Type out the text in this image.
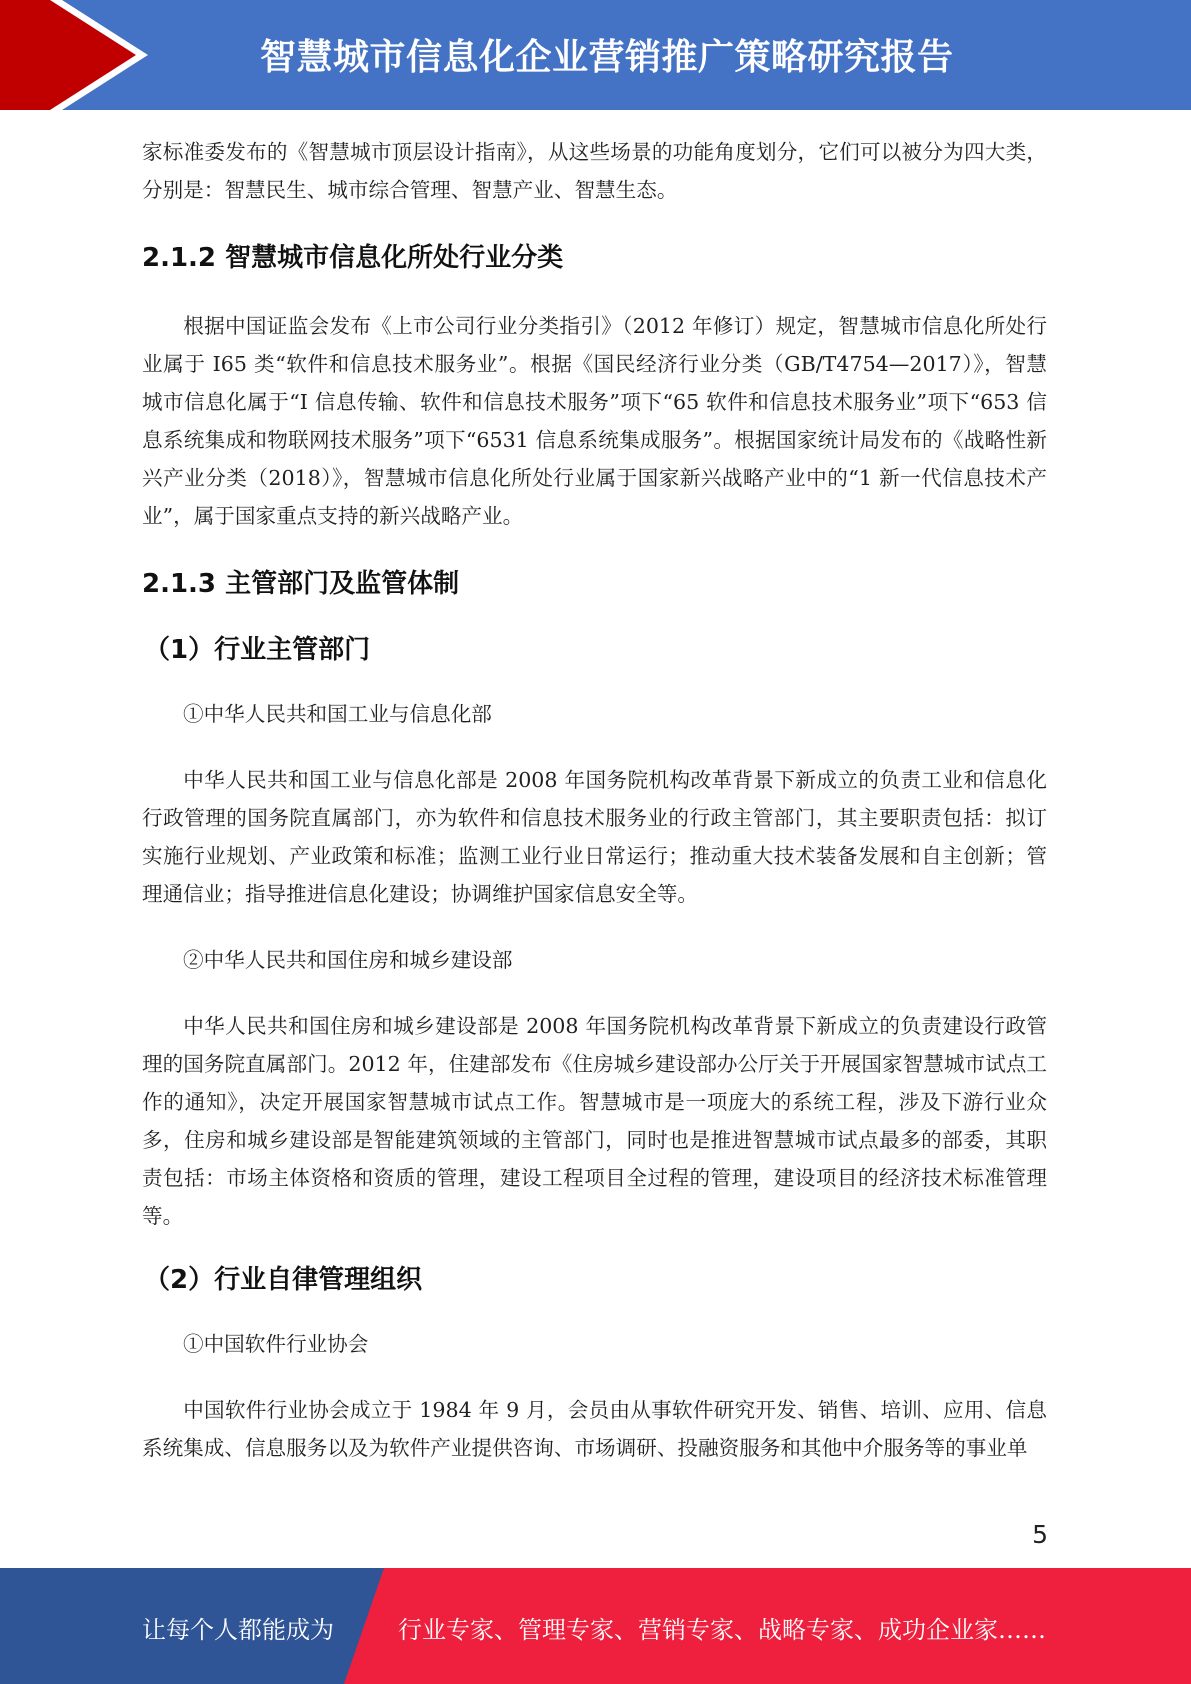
智慧城市信息化企业营销推广策略研究报告

家标准委发布的《智慧城市顶层设计指南》，从这些场景的功能角度划分，它们可以被分为四大类，分别是：智慧民生、城市综合管理、智慧产业、智慧生态。

2.1.2 智慧城市信息化所处行业分类

根据中国证监会发布《上市公司行业分类指引》（2012 年修订）规定，智慧城市信息化所处行业属于 I65 类“软件和信息技术服务业”。根据《国民经济行业分类（GB/T4754—2017）》，智慧城市信息化属于“I 信息传输、软件和信息技术服务”项下“65 软件和信息技术服务业”项下“653 信息系统集成和物联网技术服务”项下“6531 信息系统集成服务”。根据国家统计局发布的《战略性新兴产业分类（2018）》，智慧城市信息化所处行业属于国家新兴战略产业中的“1 新一代信息技术产业”，属于国家重点支持的新兴战略产业。

2.1.3 主管部门及监管体制
（1）行业主管部门
①中华人民共和国工业与信息化部

中华人民共和国工业与信息化部是 2008 年国务院机构改革背景下新成立的负责工业和信息化行政管理的国务院直属部门，亦为软件和信息技术服务业的行政主管部门，其主要职责包括：拟订实施行业规划、产业政策和标准；监测工业行业日常运行；推动重大技术装备发展和自主创新；管理通信业；指导推进信息化建设；协调维护国家信息安全等。

②中华人民共和国住房和城乡建设部

中华人民共和国住房和城乡建设部是 2008 年国务院机构改革背景下新成立的负责建设行政管理的国务院直属部门。2012 年，住建部发布《住房城乡建设部办公厅关于开展国家智慧城市试点工作的通知》，决定开展国家智慧城市试点工作。智慧城市是一项庞大的系统工程，涉及下游行业众多，住房和城乡建设部是智能建筑领域的主管部门，同时也是推进智慧城市试点最多的部委，其职责包括：市场主体资格和资质的管理，建设工程项目全过程的管理，建设项目的经济技术标准管理等。

（2）行业自律管理组织
①中国软件行业协会

中国软件行业协会成立于 1984 年 9 月，会员由从事软件研究开发、销售、培训、应用、信息系统集成、信息服务以及为软件产业提供咨询、市场调研、投融资服务和其他中介服务等的事业单

5
让每个人都能成为	行业专家、管理专家、营销专家、战略专家、成功企业家……
